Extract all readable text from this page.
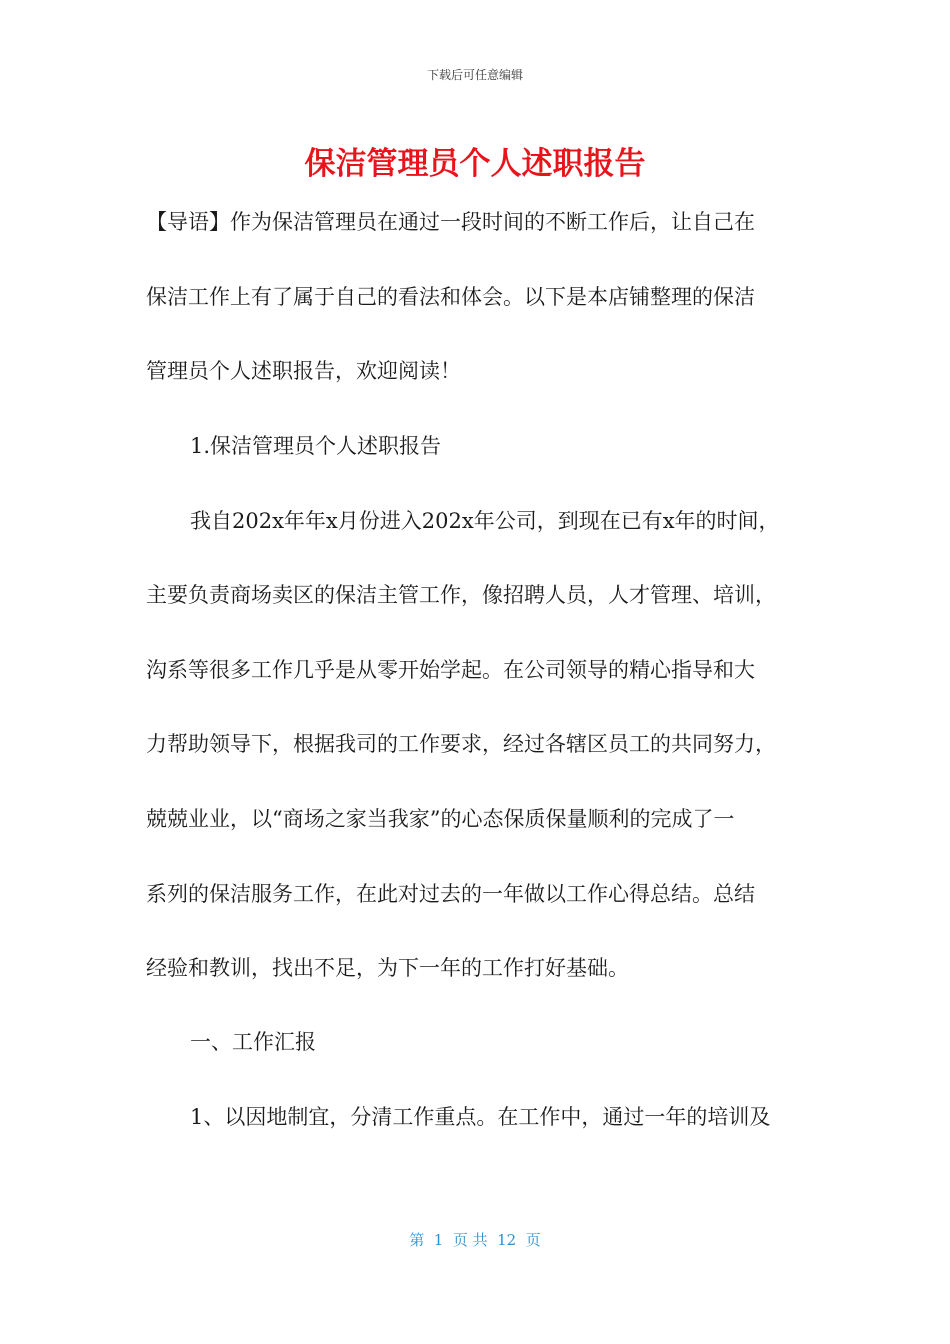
下载后可任意编辑
保洁管理员个人述职报告
【导语】作为保洁管理员在通过一段时间的不断工作后，让自己在
保洁工作上有了属于自己的看法和体会。以下是本店铺整理的保洁
管理员个人述职报告，欢迎阅读！
1.保洁管理员个人述职报告
我自202x年年x月份进入202x年公司，到现在已有x年的时间，
主要负责商场卖区的保洁主管工作，像招聘人员，人才管理、培训，
沟系等很多工作几乎是从零开始学起。在公司领导的精心指导和大
力帮助领导下，根据我司的工作要求，经过各辖区员工的共同努力，
兢兢业业，以“商场之家当我家”的心态保质保量顺利的完成了一
系列的保洁服务工作，在此对过去的一年做以工作心得总结。总结
经验和教训，找出不足，为下一年的工作打好基础。
一、工作汇报
1、以因地制宜，分清工作重点。在工作中，通过一年的培训及
第  1  页 共  12  页
